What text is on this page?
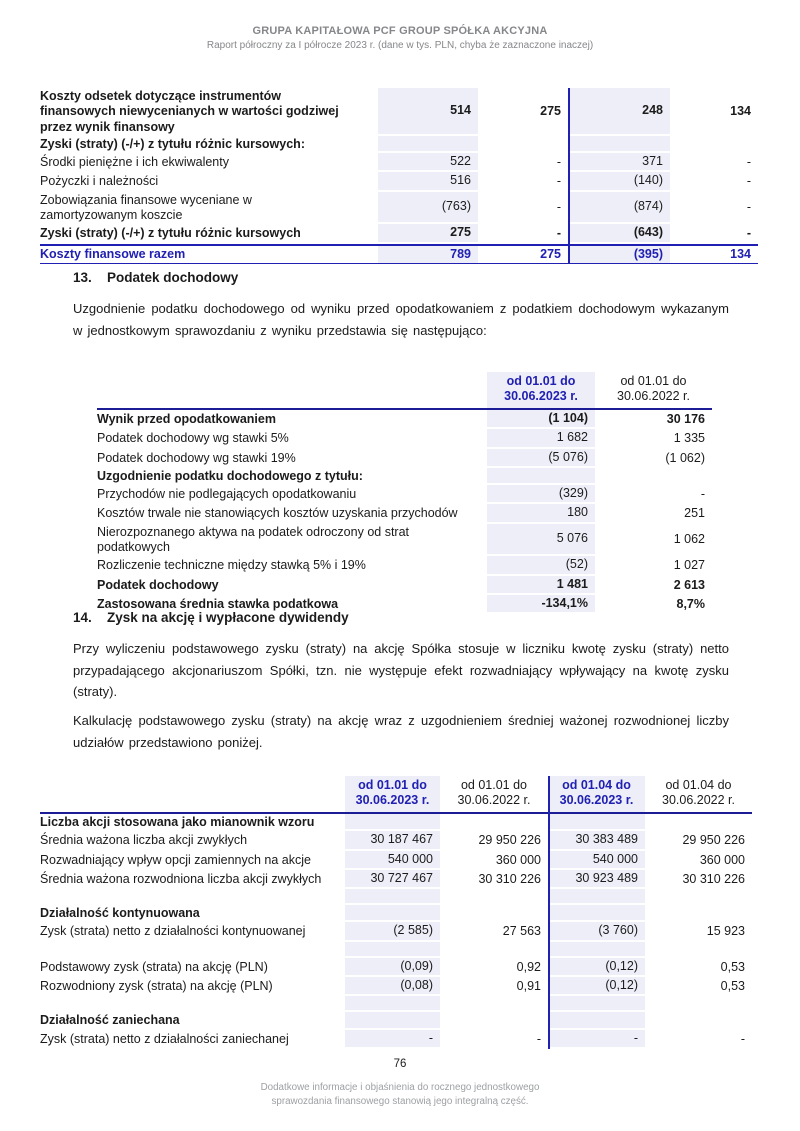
GRUPA KAPITAŁOWA PCF GROUP SPÓŁKA AKCYJNA
Raport półroczny za I półrocze 2023 r. (dane w tys. PLN, chyba że zaznaczone inaczej)
Koszty odsetek dotyczące instrumentów finansowych niewycenianych w wartości godziwej przez wynik finansowy	514	275	248	134
Zyski (straty) (-/+) z tytułu różnic kursowych:				
Środki pieniężne i ich ekwiwalenty	522	-	371	-
Pożyczki i należności	516	-	(140)	-
Zobowiązania finansowe wyceniane w zamortyzowanym koszcie	(763)	-	(874)	-
Zyski (straty) (-/+) z tytułu różnic kursowych	275	-	(643)	-
Koszty finansowe razem	789	275	(395)	134
13. Podatek dochodowy
Uzgodnienie podatku dochodowego od wyniku przed opodatkowaniem z podatkiem dochodowym wykazanym w jednostkowym sprawozdaniu z wyniku przedstawia się następująco:
	od 01.01 do 30.06.2023 r.	od 01.01 do 30.06.2022 r.
Wynik przed opodatkowaniem	(1 104)	30 176
Podatek dochodowy wg stawki 5%	1 682	1 335
Podatek dochodowy wg stawki 19%	(5 076)	(1 062)
Uzgodnienie podatku dochodowego z tytułu:		
Przychodów nie podlegających opodatkowaniu	(329)	-
Kosztów trwale nie stanowiących kosztów uzyskania przychodów	180	251
Nierozpoznanego aktywa na podatek odroczony od strat podatkowych	5 076	1 062
Rozliczenie techniczne między stawką 5% i 19%	(52)	1 027
Podatek dochodowy	1 481	2 613
Zastosowana średnia stawka podatkowa	-134,1%	8,7%
14. Zysk na akcję i wypłacone dywidendy
Przy wyliczeniu podstawowego zysku (straty) na akcję Spółka stosuje w liczniku kwotę zysku (straty) netto przypadającego akcjonariuszom Spółki, tzn. nie występuje efekt rozwadniający wpływający na kwotę zysku (straty).
Kalkulację podstawowego zysku (straty) na akcję wraz z uzgodnieniem średniej ważonej rozwodnionej liczby udziałów przedstawiono poniżej.
	od 01.01 do 30.06.2023 r.	od 01.01 do 30.06.2022 r.	od 01.04 do 30.06.2023 r.	od 01.04 do 30.06.2022 r.
Liczba akcji stosowana jako mianownik wzoru				
Średnia ważona liczba akcji zwykłych	30 187 467	29 950 226	30 383 489	29 950 226
Rozwadniający wpływ opcji zamiennych na akcje	540 000	360 000	540 000	360 000
Średnia ważona rozwodniona liczba akcji zwykłych	30 727 467	30 310 226	30 923 489	30 310 226

Działalność kontynuowana				
Zysk (strata) netto z działalności kontynuowanej	(2 585)	27 563	(3 760)	15 923

Podstawowy zysk (strata) na akcję (PLN)	(0,09)	0,92	(0,12)	0,53
Rozwodniony zysk (strata) na akcję (PLN)	(0,08)	0,91	(0,12)	0,53

Działalność zaniechana				
Zysk (strata) netto z działalności zaniechanej	-	-	-	-
76
Dodatkowe informacje i objaśnienia do rocznego jednostkowego sprawozdania finansowego stanowią jego integralną część.
